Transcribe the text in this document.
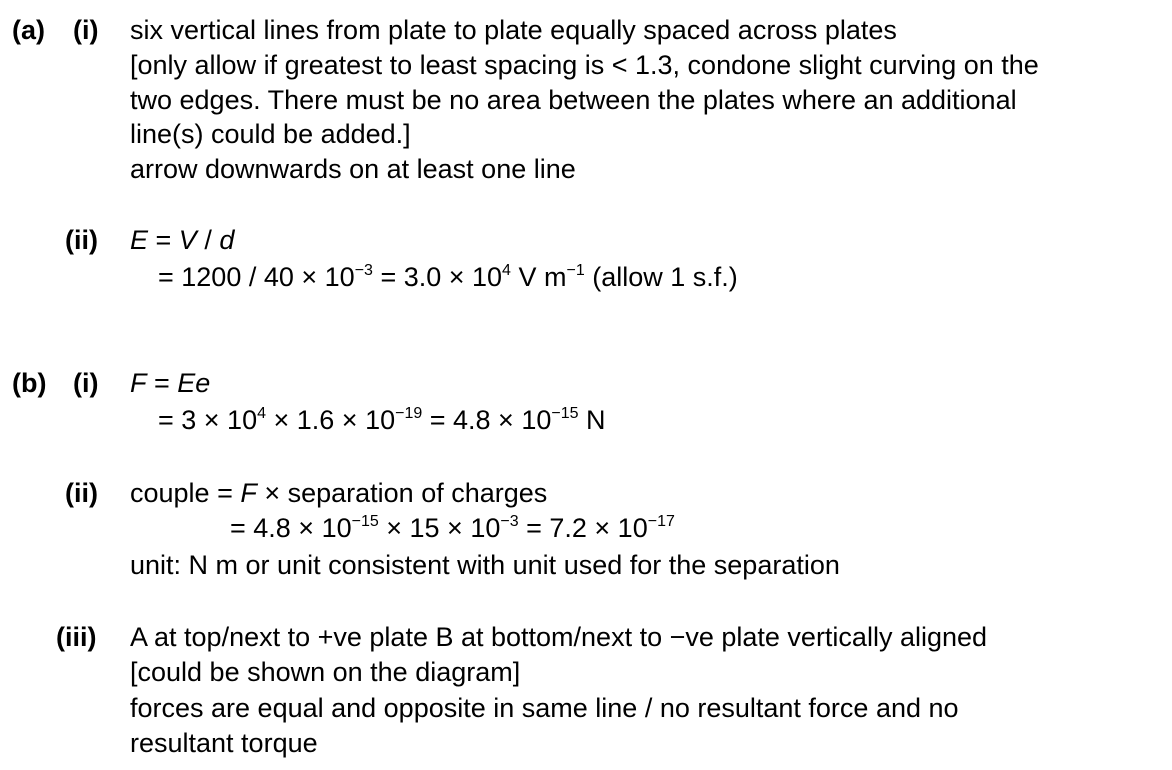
(a) (i) six vertical lines from plate to plate equally spaced across plates
[only allow if greatest to least spacing is < 1.3, condone slight curving on the
two edges. There must be no area between the plates where an additional
line(s) could be added.]
arrow downwards on at least one line
(ii) E = V / d
= $1200 / 40 \times 10^{-3} = 3.0 \times 10^4$ V $m^{-1}$ (allow 1 s.f.)
(b) (i) F = Ee
= $3 \times 10^4 \times 1.6 \times 10^{-19} = 4.8 \times 10^{-15}$ N
(ii) couple = F × separation of charges
= $4.8 \times 10^{-15} \times 15 \times 10^{-3} = 7.2 \times 10^{-17}$
unit: N m or unit consistent with unit used for the separation
(iii) A at top/next to +ve plate B at bottom/next to −ve plate vertically aligned
[could be shown on the diagram]
forces are equal and opposite in same line / no resultant force and no
resultant torque
